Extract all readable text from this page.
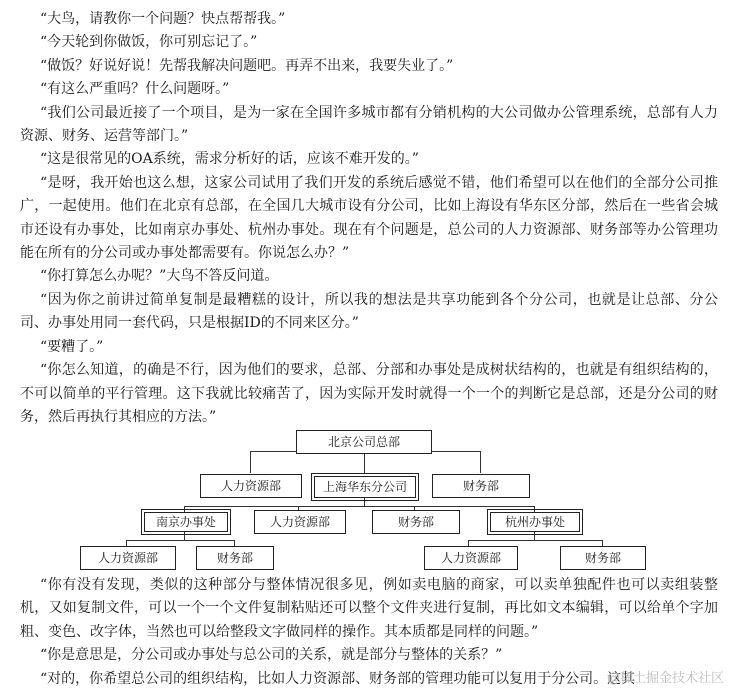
“大鸟，请教你一个问题？快点帮帮我。”

“今天轮到你做饭，你可别忘记了。”

“做饭？好说好说！先帮我解决问题吧。再弄不出来，我要失业了。”

“有这么严重吗？什么问题呀。”

“我们公司最近接了一个项目，是为一家在全国许多城市都有分销机构的大公司做办公管理系统，总部有人力资源、财务、运营等部门。”

“这是很常见的OA系统，需求分析好的话，应该不难开发的。”

“是呀，我开始也这么想，这家公司试用了我们开发的系统后感觉不错，他们希望可以在他们的全部分公司推广，一起使用。他们在北京有总部，在全国几大城市设有分公司，比如上海设有华东区分部，然后在一些省会城市还设有办事处，比如南京办事处、杭州办事处。现在有个问题是，总公司的人力资源部、财务部等办公管理功能在所有的分公司或办事处都需要有。你说怎么办？”

“你打算怎么办呢？”大鸟不答反问道。

“因为你之前讲过简单复制是最糟糕的设计，所以我的想法是共享功能到各个分公司，也就是让总部、分公司、办事处用同一套代码，只是根据ID的不同来区分。”

“要糟了。”

“你怎么知道，的确是不行，因为他们的要求，总部、分部和办事处是成树状结构的，也就是有组织结构的，不可以简单的平行管理。这下我就比较痛苦了，因为实际开发时就得一个一个的判断它是总部，还是分公司的财务，然后再执行其相应的方法。”

北京公司总部
人力资源部	上海华东分公司	财务部
南京办事处	人力资源部	财务部	杭州办事处
人力资源部	财务部	人力资源部	财务部

“你有没有发现，类似的这种部分与整体情况很多见，例如卖电脑的商家，可以卖单独配件也可以卖组装整机，又如复制文件，可以一个一个文件复制粘贴还可以整个文件夹进行复制，再比如文本编辑，可以给单个字加粗、变色、改字体，当然也可以给整段文字做同样的操作。其本质都是同样的问题。”

“你是意思是，分公司或办事处与总公司的关系，就是部分与整体的关系？”

“对的，你希望总公司的组织结构，比如人力资源部、财务部的管理功能可以复用于分公司。这其

@稀土掘金技术社区
